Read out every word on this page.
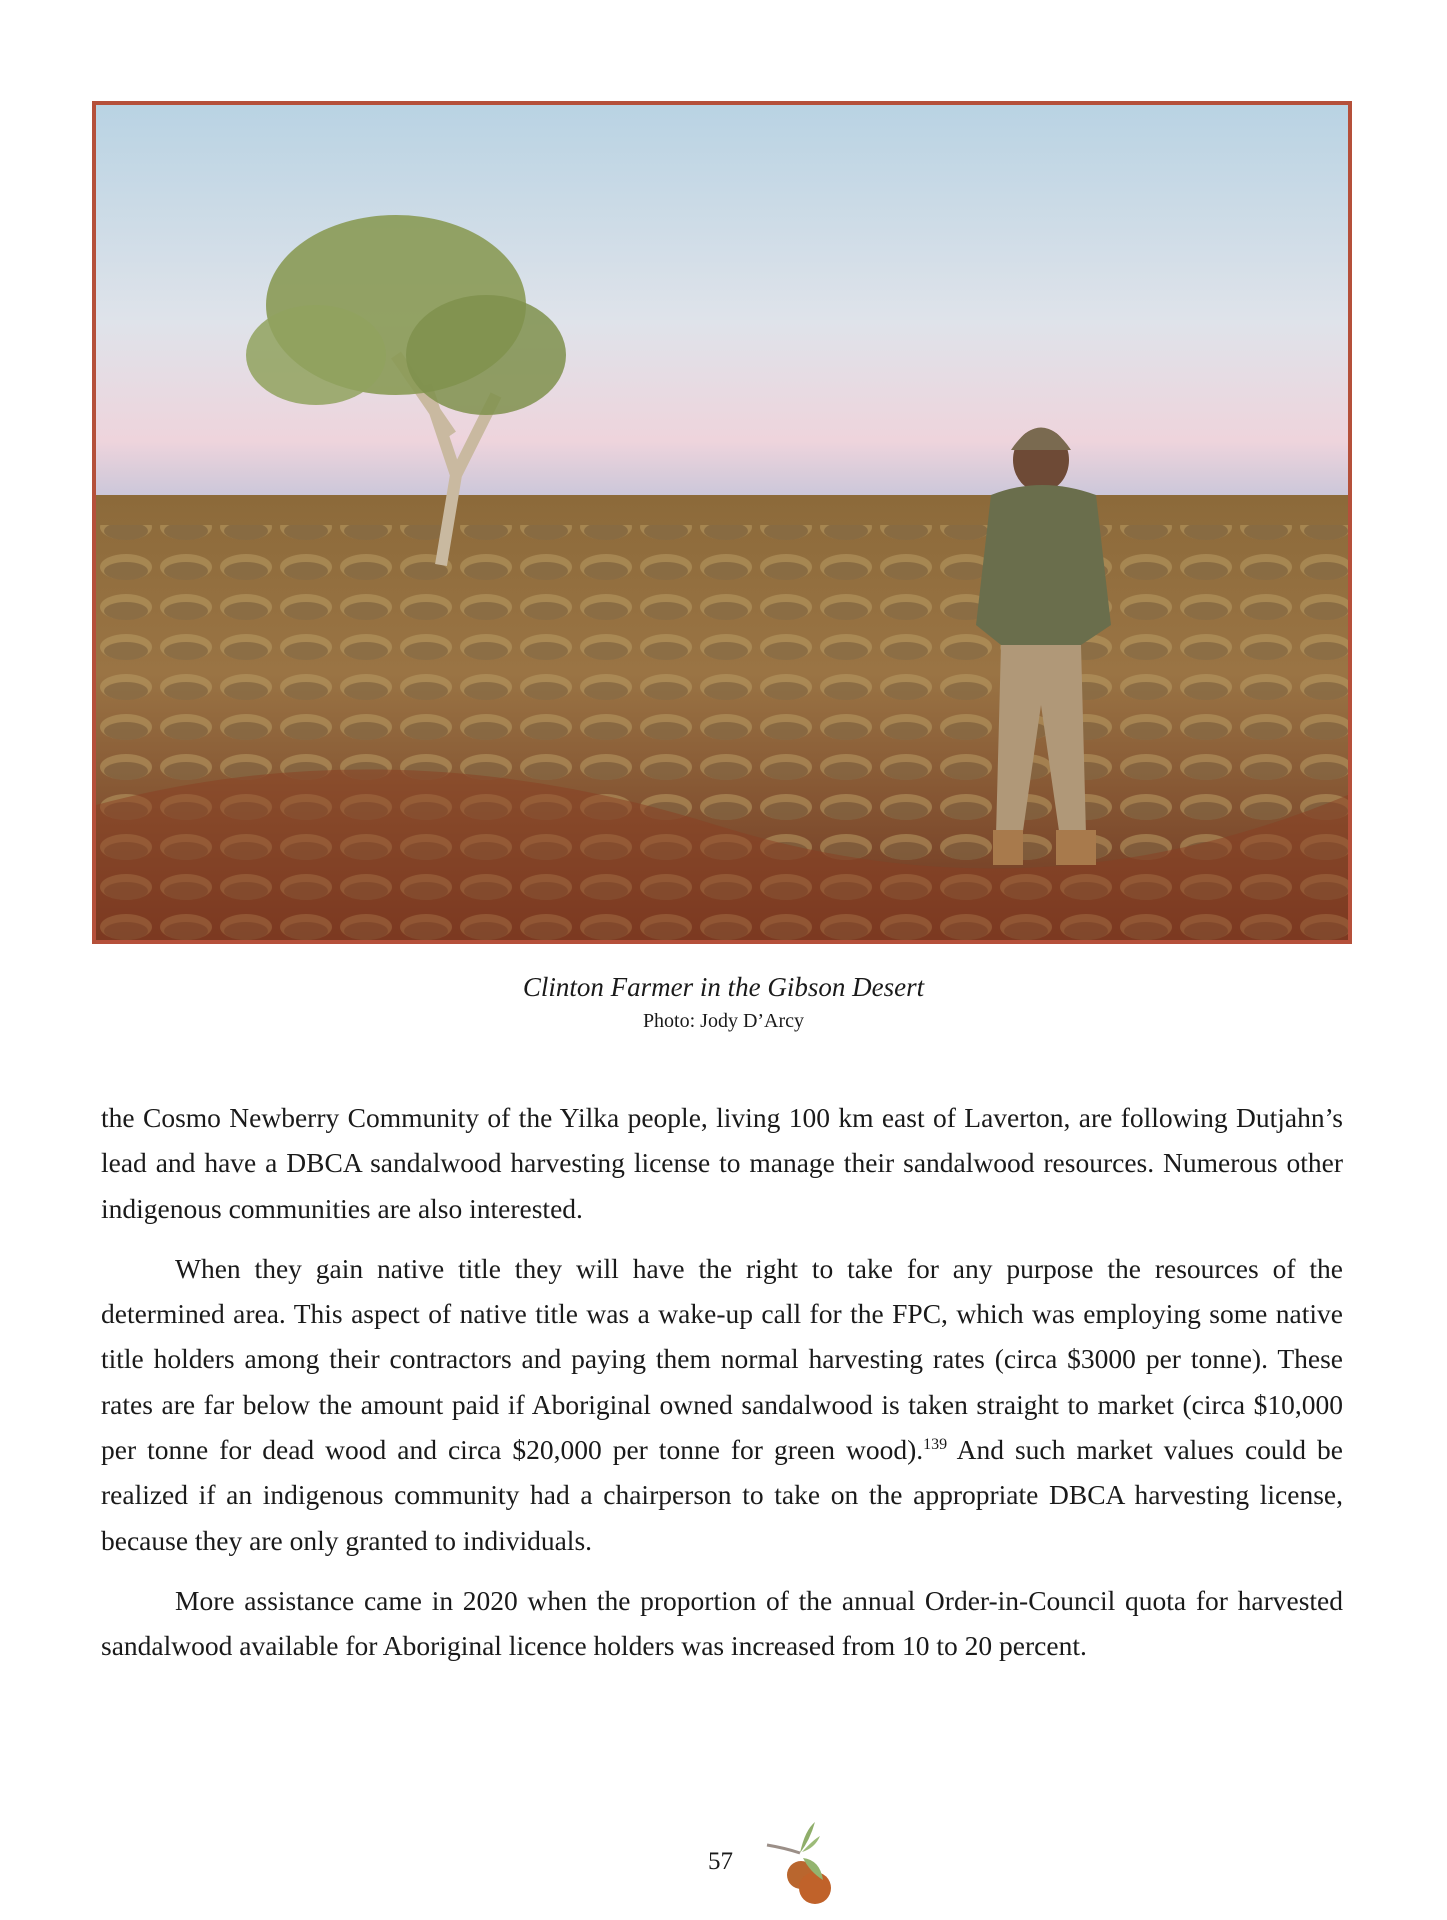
Clinton Farmer in the Gibson Desert
Photo: Jody D’Arcy

the Cosmo Newberry Community of the Yilka people, living 100 km east of Laverton, are following Dutjahn’s lead and have a DBCA sandalwood harvesting license to manage their sandalwood resources. Numerous other indigenous communities are also interested.

When they gain native title they will have the right to take for any purpose the resources of the determined area. This aspect of native title was a wake-up call for the FPC, which was employing some native title holders among their contractors and paying them normal harvesting rates (circa $3000 per tonne). These rates are far below the amount paid if Aboriginal owned sandalwood is taken straight to market (circa $10,000 per tonne for dead wood and circa $20,000 per tonne for green wood).$^{139}$ And such market values could be realized if an indigenous community had a chairperson to take on the appropriate DBCA harvesting license, because they are only granted to individuals.

More assistance came in 2020 when the proportion of the annual Order-in-Council quota for harvested sandalwood available for Aboriginal licence holders was increased from 10 to 20 percent.

57
